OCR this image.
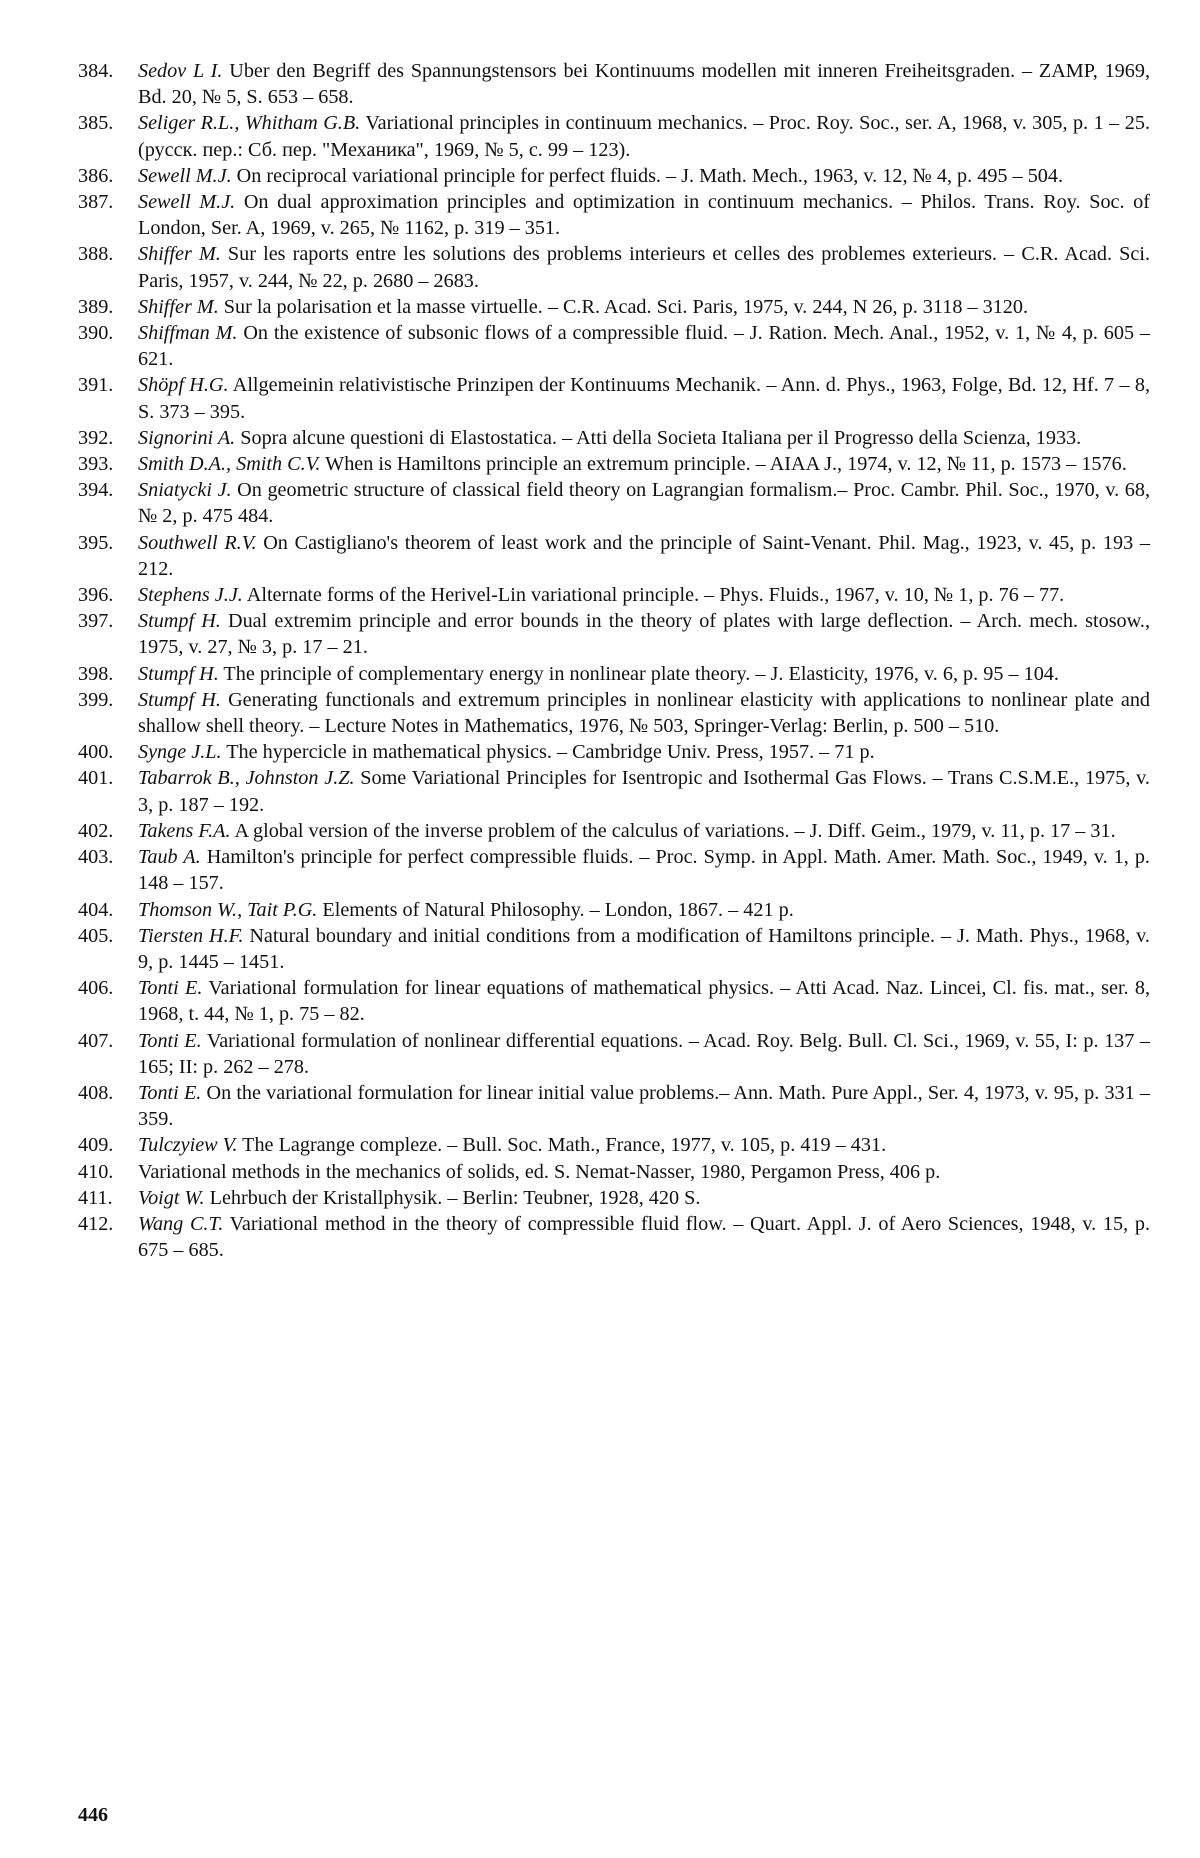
384.	Sedov L I. Uber den Begriff des Spannungstensors bei Kontinuums modellen mit inneren Freiheitsgraden. – ZAMP, 1969, Bd. 20, № 5, S. 653 – 658.

385.	Seliger R.L., Whitham G.B. Variational principles in continuum mechanics. – Proc. Roy. Soc., ser. A, 1968, v. 305, p. 1 – 25. (русск. пер.: Сб. пер. "Механика", 1969, № 5, с. 99 – 123).

386.	Sewell M.J. On reciprocal variational principle for perfect fluids. – J. Math. Mech., 1963, v. 12, № 4, p. 495 – 504.

387.	Sewell M.J. On dual approximation principles and optimization in continuum mechanics. – Philos. Trans. Roy. Soc. of London, Ser. A, 1969, v. 265, № 1162, p. 319 – 351.

388.	Shiffer M. Sur les raports entre les solutions des problems interieurs et celles des problemes exterieurs. – C.R. Acad. Sci. Paris, 1957, v. 244, № 22, p. 2680 – 2683.

389.	Shiffer M. Sur la polarisation et la masse virtuelle. – C.R. Acad. Sci. Paris, 1975, v. 244, N 26, p. 3118 – 3120.

390.	Shiffman M. On the existence of subsonic flows of a compressible fluid. – J. Ration. Mech. Anal., 1952, v. 1, № 4, p. 605 – 621.

391.	Shöpf H.G. Allgemeinin relativistische Prinzipen der Kontinuums Mechanik. – Ann. d. Phys., 1963, Folge, Bd. 12, Hf. 7 – 8, S. 373 – 395.

392.	Signorini A. Sopra alcune questioni di Elastostatica. – Atti della Societa Italiana per il Progresso della Scienza, 1933.

393.	Smith D.A., Smith C.V. When is Hamiltons principle an extremum principle. – AIAA J., 1974, v. 12, № 11, p. 1573 – 1576.

394.	Sniatycki J. On geometric structure of classical field theory on Lagrangian formalism.– Proc. Cambr. Phil. Soc., 1970, v. 68, № 2, p. 475 484.

395.	Southwell R.V. On Castigliano's theorem of least work and the principle of Saint-Venant. Phil. Mag., 1923, v. 45, p. 193 – 212.

396.	Stephens J.J. Alternate forms of the Herivel-Lin variational principle. – Phys. Fluids., 1967, v. 10, № 1, p. 76 – 77.

397.	Stumpf H. Dual extremim principle and error bounds in the theory of plates with large deflection. – Arch. mech. stosow., 1975, v. 27, № 3, p. 17 – 21.

398.	Stumpf H. The principle of complementary energy in nonlinear plate theory. – J. Elasticity, 1976, v. 6, p. 95 – 104.

399.	Stumpf H. Generating functionals and extremum principles in nonlinear elasticity with applications to nonlinear plate and shallow shell theory. – Lecture Notes in Mathematics, 1976, № 503, Springer-Verlag: Berlin, p. 500 – 510.

400.	Synge J.L. The hypercicle in mathematical physics. – Cambridge Univ. Press, 1957. – 71 p.

401.	Tabarrok B., Johnston J.Z. Some Variational Principles for Isentropic and Isothermal Gas Flows. – Trans C.S.M.E., 1975, v. 3, p. 187 – 192.

402.	Takens F.A. A global version of the inverse problem of the calculus of variations. – J. Diff. Geim., 1979, v. 11, p. 17 – 31.

403.	Taub A. Hamilton's principle for perfect compressible fluids. – Proc. Symp. in Appl. Math. Amer. Math. Soc., 1949, v. 1, p. 148 – 157.

404.	Thomson W., Tait P.G. Elements of Natural Philosophy. – London, 1867. – 421 p.

405.	Tiersten H.F. Natural boundary and initial conditions from a modification of Hamiltons principle. – J. Math. Phys., 1968, v. 9, p. 1445 – 1451.

406.	Tonti E. Variational formulation for linear equations of mathematical physics. – Atti Acad. Naz. Lincei, Cl. fis. mat., ser. 8, 1968, t. 44, № 1, p. 75 – 82.

407.	Tonti E. Variational formulation of nonlinear differential equations. – Acad. Roy. Belg. Bull. Cl. Sci., 1969, v. 55, I: p. 137 – 165; II: p. 262 – 278.

408.	Tonti E. On the variational formulation for linear initial value problems.– Ann. Math. Pure Appl., Ser. 4, 1973, v. 95, p. 331 – 359.

409.	Tulczyiew V. The Lagrange compleze. – Bull. Soc. Math., France, 1977, v. 105, p. 419 – 431.

410.	Variational methods in the mechanics of solids, ed. S. Nemat-Nasser, 1980, Pergamon Press, 406 p.

411.	Voigt W. Lehrbuch der Kristallphysik. – Berlin: Teubner, 1928, 420 S.

412.	Wang C.T. Variational method in the theory of compressible fluid flow. – Quart. Appl. J. of Aero Sciences, 1948, v. 15, p. 675 – 685.

446
